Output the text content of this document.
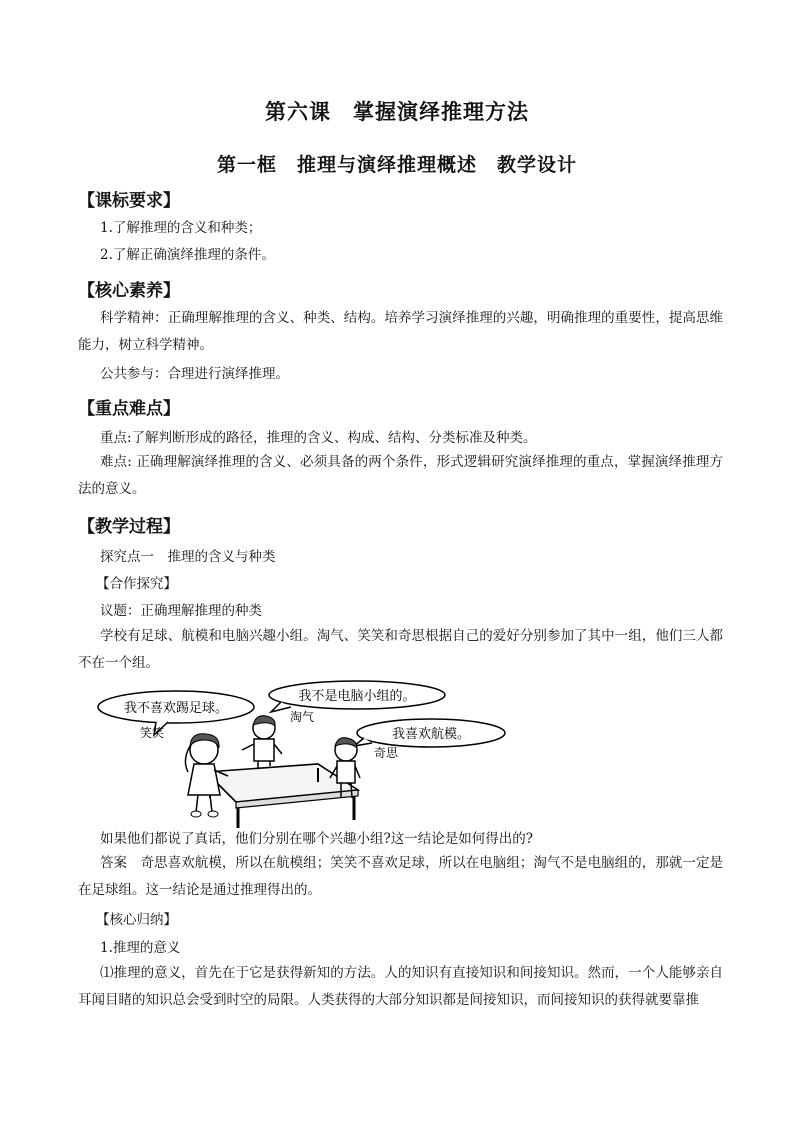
第六课　掌握演绎推理方法
第一框　推理与演绎推理概述　教学设计
【课标要求】
1.了解推理的含义和种类；
2.了解正确演绎推理的条件。
【核心素养】
科学精神：正确理解推理的含义、种类、结构。培养学习演绎推理的兴趣，明确推理的重要性，提高思维能力，树立科学精神。
公共参与：合理进行演绎推理。
【重点难点】
重点:了解判断形成的路径，推理的含义、构成、结构、分类标准及种类。
难点: 正确理解演绎推理的含义、必须具备的两个条件，形式逻辑研究演绎推理的重点，掌握演绎推理方法的意义。
【教学过程】
探究点一　推理的含义与种类
【合作探究】
议题：正确理解推理的种类
学校有足球、航模和电脑兴趣小组。淘气、笑笑和奇思根据自己的爱好分别参加了其中一组，他们三人都不在一个组。
我不喜欢踢足球。
我不是电脑小组的。
我喜欢航模。
笑笑
淘气
奇思
如果他们都说了真话，他们分别在哪个兴趣小组?这一结论是如何得出的?
答案　奇思喜欢航模，所以在航模组；笑笑不喜欢足球，所以在电脑组；淘气不是电脑组的，那就一定是在足球组。这一结论是通过推理得出的。
【核心归纳】
1.推理的意义
⑴推理的意义，首先在于它是获得新知的方法。人的知识有直接知识和间接知识。然而，一个人能够亲自耳闻目睹的知识总会受到时空的局限。人类获得的大部分知识都是间接知识，而间接知识的获得就要靠推
